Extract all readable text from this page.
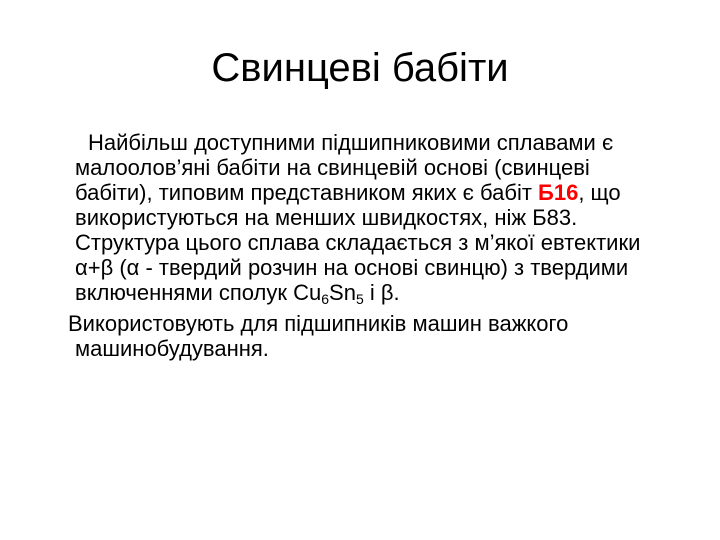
Свинцеві бабіти

Найбільш доступними підшипниковими сплавами є малоолов’яні бабіти на свинцевій основі (свинцеві бабіти), типовим представником яких є бабіт Б16, що використуються на менших швидкостях, ніж Б83. Структура цього сплава складається з м’якої евтектики α+β (α - твердий розчин на основі свинцю) з твердими включеннями сполук $Cu_6Sn_5$ і β.

Використовують для підшипників машин важкого машинобудування.
